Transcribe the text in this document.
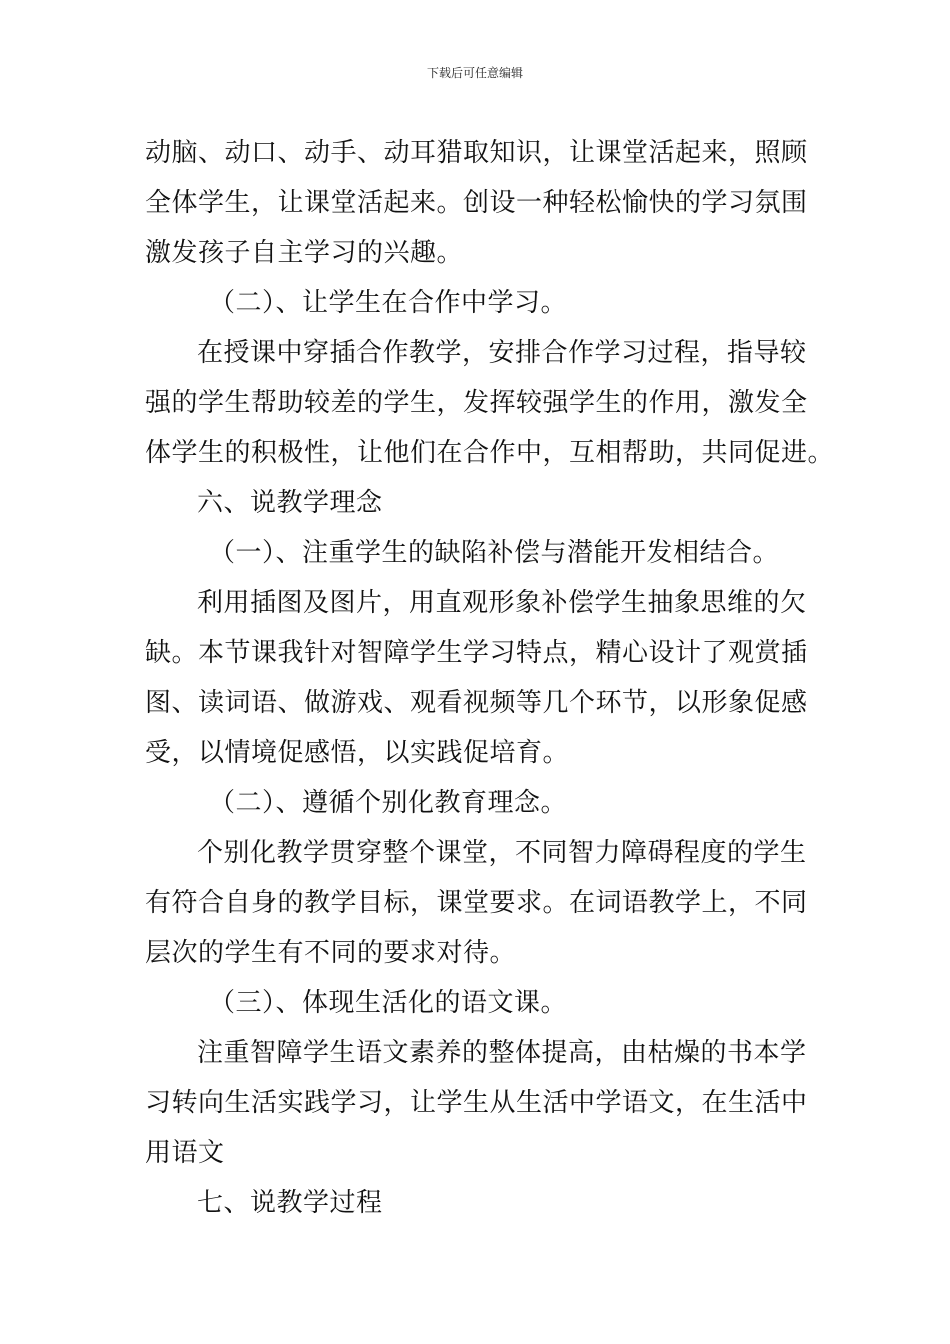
下载后可任意编辑
动脑、动口、动手、动耳猎取知识，让课堂活起来，照顾
全体学生，让课堂活起来。创设一种轻松愉快的学习氛围
激发孩子自主学习的兴趣。
（二）、让学生在合作中学习。
在授课中穿插合作教学，安排合作学习过程，指导较
强的学生帮助较差的学生，发挥较强学生的作用，激发全
体学生的积极性，让他们在合作中，互相帮助，共同促进。
六、说教学理念
（一）、注重学生的缺陷补偿与潜能开发相结合。
利用插图及图片，用直观形象补偿学生抽象思维的欠
缺。本节课我针对智障学生学习特点，精心设计了观赏插
图、读词语、做游戏、观看视频等几个环节，以形象促感
受，以情境促感悟，以实践促培育。
（二）、遵循个别化教育理念。
个别化教学贯穿整个课堂，不同智力障碍程度的学生
有符合自身的教学目标，课堂要求。在词语教学上，不同
层次的学生有不同的要求对待。
（三）、体现生活化的语文课。
注重智障学生语文素养的整体提高，由枯燥的书本学
习转向生活实践学习，让学生从生活中学语文，在生活中
用语文
七、说教学过程
